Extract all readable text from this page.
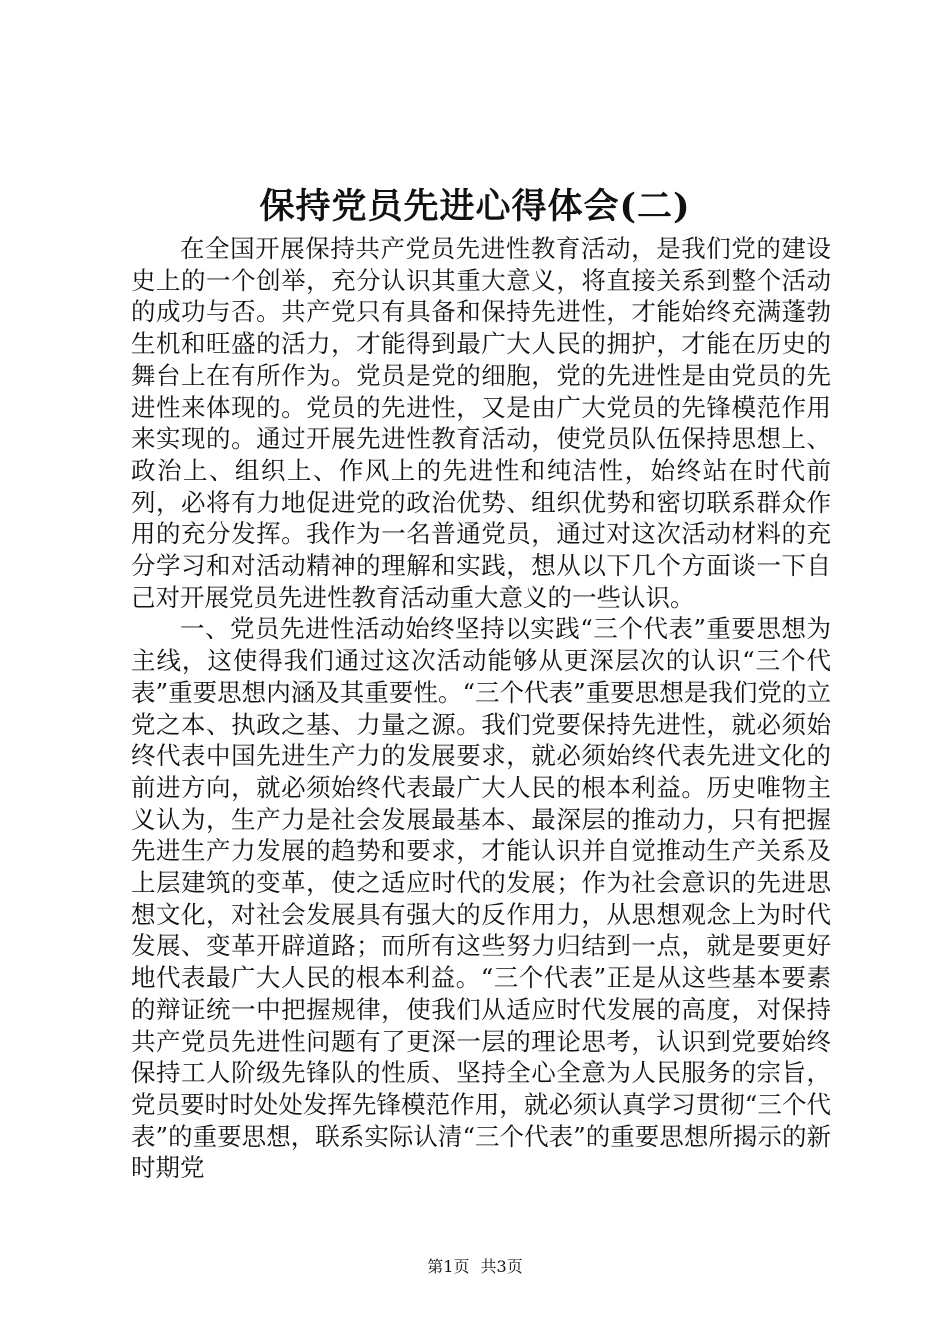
保持党员先进心得体会(二)

在全国开展保持共产党员先进性教育活动，是我们党的建设史上的一个创举，充分认识其重大意义，将直接关系到整个活动的成功与否。共产党只有具备和保持先进性，才能始终充满蓬勃生机和旺盛的活力，才能得到最广大人民的拥护，才能在历史的舞台上在有所作为。党员是党的细胞，党的先进性是由党员的先进性来体现的。党员的先进性，又是由广大党员的先锋模范作用来实现的。通过开展先进性教育活动，使党员队伍保持思想上、政治上、组织上、作风上的先进性和纯洁性，始终站在时代前列，必将有力地促进党的政治优势、组织优势和密切联系群众作用的充分发挥。我作为一名普通党员，通过对这次活动材料的充分学习和对活动精神的理解和实践，想从以下几个方面谈一下自己对开展党员先进性教育活动重大意义的一些认识。

一、党员先进性活动始终坚持以实践“三个代表”重要思想为主线，这使得我们通过这次活动能够从更深层次的认识“三个代表”重要思想内涵及其重要性。“三个代表”重要思想是我们党的立党之本、执政之基、力量之源。我们党要保持先进性，就必须始终代表中国先进生产力的发展要求，就必须始终代表先进文化的前进方向，就必须始终代表最广大人民的根本利益。历史唯物主义认为，生产力是社会发展最基本、最深层的推动力，只有把握先进生产力发展的趋势和要求，才能认识并自觉推动生产关系及上层建筑的变革，使之适应时代的发展；作为社会意识的先进思想文化，对社会发展具有强大的反作用力，从思想观念上为时代发展、变革开辟道路；而所有这些努力归结到一点，就是要更好地代表最广大人民的根本利益。“三个代表”正是从这些基本要素的辩证统一中把握规律，使我们从适应时代发展的高度，对保持共产党员先进性问题有了更深一层的理论思考，认识到党要始终保持工人阶级先锋队的性质、坚持全心全意为人民服务的宗旨，党员要时时处处发挥先锋模范作用，就必须认真学习贯彻“三个代表”的重要思想，联系实际认清“三个代表”的重要思想所揭示的新时期党

第1页 共3页
